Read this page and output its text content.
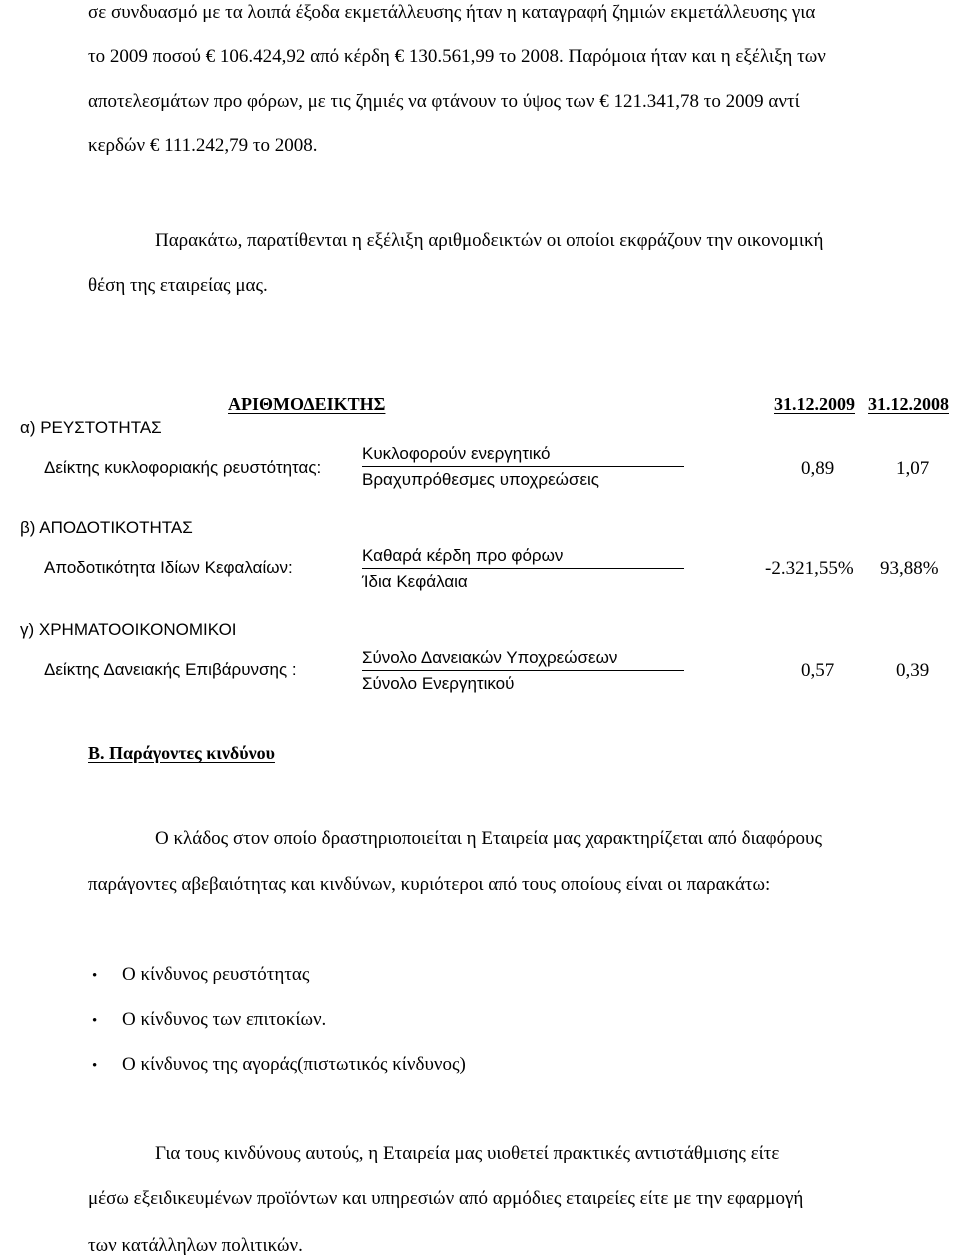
σε συνδυασμό με τα λοιπά έξοδα εκμετάλλευσης ήταν η καταγραφή ζημιών εκμετάλλευσης για
το 2009 ποσού € 106.424,92 από κέρδη € 130.561,99 το 2008. Παρόμοια ήταν και η εξέλιξη των
αποτελεσμάτων προ φόρων, με τις ζημιές να φτάνουν το ύψος των € 121.341,78 το 2009 αντί
κερδών € 111.242,79 το 2008.
Παρακάτω, παρατίθενται η εξέλιξη αριθμοδεικτών οι οποίοι εκφράζουν την οικονομική
θέση της εταιρείας μας.
ΑΡΙΘΜΟΔΕΙΚΤΗΣ	31.12.2009 31.12.2008
α) ΡΕΥΣΤΟΤΗΤΑΣ
Δείκτης κυκλοφοριακής ρευστότητας:
Κυκλοφορούν ενεργητικό
Βραχυπρόθεσμες υποχρεώσεις
0,89	1,07
β) ΑΠΟΔΟΤΙΚΟΤΗΤΑΣ
Αποδοτικότητα Ιδίων Κεφαλαίων:
Καθαρά κέρδη προ φόρων
Ίδια Κεφάλαια
-2.321,55% 93,88%
γ) ΧΡΗΜΑΤΟΟΙΚΟΝΟΜΙΚΟΙ
Δείκτης Δανειακής Επιβάρυνσης :
Σύνολο Δανειακών Υποχρεώσεων
Σύνολο Ενεργητικού
0,57	0,39
Β. Παράγοντες κινδύνου
Ο κλάδος στον οποίο δραστηριοποιείται η Εταιρεία μας χαρακτηρίζεται από διαφόρους
παράγοντες αβεβαιότητας και κινδύνων, κυριότεροι από τους οποίους είναι οι παρακάτω:
• Ο κίνδυνος ρευστότητας
• Ο κίνδυνος των επιτοκίων.
• Ο κίνδυνος της αγοράς(πιστωτικός κίνδυνος)
Για τους κινδύνους αυτούς, η Εταιρεία μας υιοθετεί πρακτικές αντιστάθμισης είτε
μέσω εξειδικευμένων προϊόντων και υπηρεσιών από αρμόδιες εταιρείες είτε με την εφαρμογή
των κατάλληλων πολιτικών.
